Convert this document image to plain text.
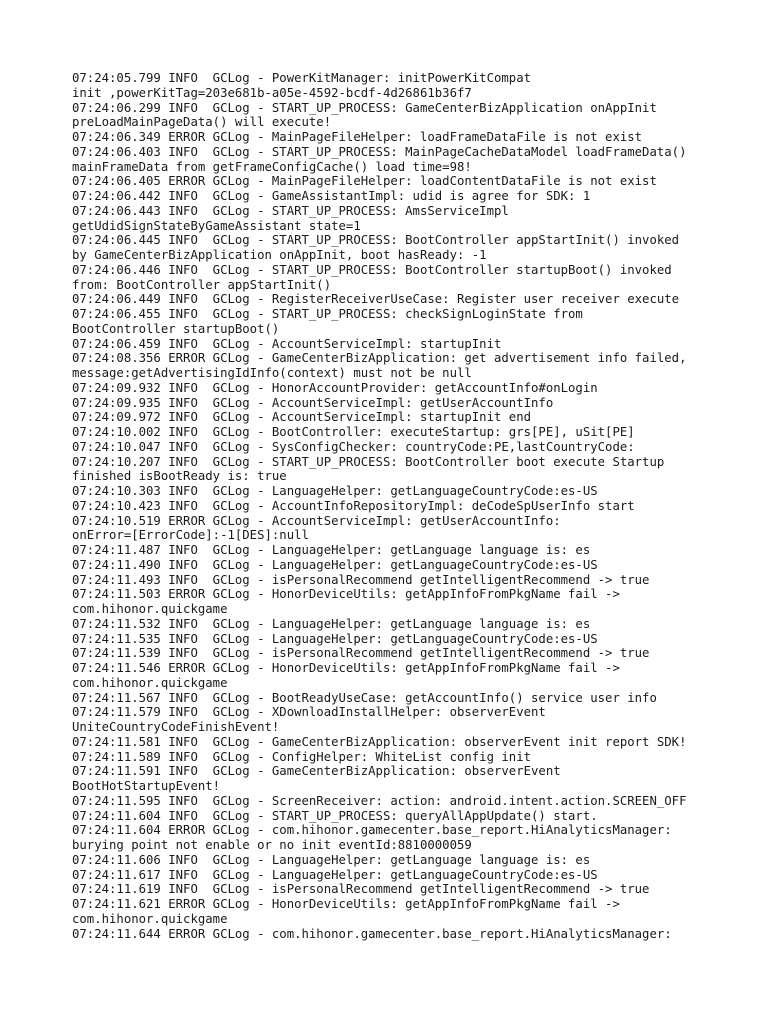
07:24:05.799 INFO  GCLog - PowerKitManager: initPowerKitCompat
init ,powerKitTag=203e681b-a05e-4592-bcdf-4d26861b36f7
07:24:06.299 INFO  GCLog - START_UP_PROCESS: GameCenterBizApplication onAppInit
preLoadMainPageData() will execute!
07:24:06.349 ERROR GCLog - MainPageFileHelper: loadFrameDataFile is not exist
07:24:06.403 INFO  GCLog - START_UP_PROCESS: MainPageCacheDataModel loadFrameData()
mainFrameData from getFrameConfigCache() load time=98!
07:24:06.405 ERROR GCLog - MainPageFileHelper: loadContentDataFile is not exist
07:24:06.442 INFO  GCLog - GameAssistantImpl: udid is agree for SDK: 1
07:24:06.443 INFO  GCLog - START_UP_PROCESS: AmsServiceImpl
getUdidSignStateByGameAssistant state=1
07:24:06.445 INFO  GCLog - START_UP_PROCESS: BootController appStartInit() invoked
by GameCenterBizApplication onAppInit, boot hasReady: -1
07:24:06.446 INFO  GCLog - START_UP_PROCESS: BootController startupBoot() invoked
from: BootController appStartInit()
07:24:06.449 INFO  GCLog - RegisterReceiverUseCase: Register user receiver execute
07:24:06.455 INFO  GCLog - START_UP_PROCESS: checkSignLoginState from
BootController startupBoot()
07:24:06.459 INFO  GCLog - AccountServiceImpl: startupInit
07:24:08.356 ERROR GCLog - GameCenterBizApplication: get advertisement info failed,
message:getAdvertisingIdInfo(context) must not be null
07:24:09.932 INFO  GCLog - HonorAccountProvider: getAccountInfo#onLogin
07:24:09.935 INFO  GCLog - AccountServiceImpl: getUserAccountInfo
07:24:09.972 INFO  GCLog - AccountServiceImpl: startupInit end
07:24:10.002 INFO  GCLog - BootController: executeStartup: grs[PE], uSit[PE]
07:24:10.047 INFO  GCLog - SysConfigChecker: countryCode:PE,lastCountryCode:
07:24:10.207 INFO  GCLog - START_UP_PROCESS: BootController boot execute Startup
finished isBootReady is: true
07:24:10.303 INFO  GCLog - LanguageHelper: getLanguageCountryCode:es-US
07:24:10.423 INFO  GCLog - AccountInfoRepositoryImpl: deCodeSpUserInfo start
07:24:10.519 ERROR GCLog - AccountServiceImpl: getUserAccountInfo:
onError=[ErrorCode]:-1[DES]:null
07:24:11.487 INFO  GCLog - LanguageHelper: getLanguage language is: es
07:24:11.490 INFO  GCLog - LanguageHelper: getLanguageCountryCode:es-US
07:24:11.493 INFO  GCLog - isPersonalRecommend getIntelligentRecommend -> true
07:24:11.503 ERROR GCLog - HonorDeviceUtils: getAppInfoFromPkgName fail ->
com.hihonor.quickgame
07:24:11.532 INFO  GCLog - LanguageHelper: getLanguage language is: es
07:24:11.535 INFO  GCLog - LanguageHelper: getLanguageCountryCode:es-US
07:24:11.539 INFO  GCLog - isPersonalRecommend getIntelligentRecommend -> true
07:24:11.546 ERROR GCLog - HonorDeviceUtils: getAppInfoFromPkgName fail ->
com.hihonor.quickgame
07:24:11.567 INFO  GCLog - BootReadyUseCase: getAccountInfo() service user info
07:24:11.579 INFO  GCLog - XDownloadInstallHelper: observerEvent
UniteCountryCodeFinishEvent!
07:24:11.581 INFO  GCLog - GameCenterBizApplication: observerEvent init report SDK!
07:24:11.589 INFO  GCLog - ConfigHelper: WhiteList config init
07:24:11.591 INFO  GCLog - GameCenterBizApplication: observerEvent
BootHotStartupEvent!
07:24:11.595 INFO  GCLog - ScreenReceiver: action: android.intent.action.SCREEN_OFF
07:24:11.604 INFO  GCLog - START_UP_PROCESS: queryAllAppUpdate() start.
07:24:11.604 ERROR GCLog - com.hihonor.gamecenter.base_report.HiAnalyticsManager:
burying point not enable or no init eventId:8810000059
07:24:11.606 INFO  GCLog - LanguageHelper: getLanguage language is: es
07:24:11.617 INFO  GCLog - LanguageHelper: getLanguageCountryCode:es-US
07:24:11.619 INFO  GCLog - isPersonalRecommend getIntelligentRecommend -> true
07:24:11.621 ERROR GCLog - HonorDeviceUtils: getAppInfoFromPkgName fail ->
com.hihonor.quickgame
07:24:11.644 ERROR GCLog - com.hihonor.gamecenter.base_report.HiAnalyticsManager:
